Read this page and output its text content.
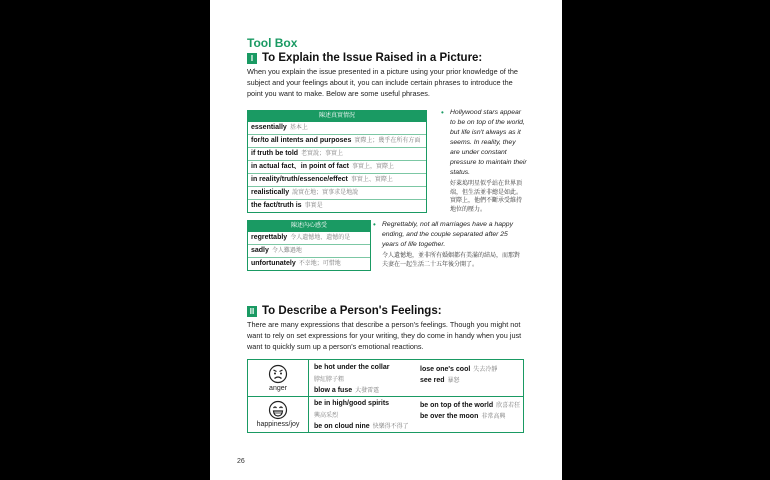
Tool Box
I To Explain the Issue Raised in a Picture:
When you explain the issue presented in a picture using your prior knowledge of the subject and your feelings about it, you can include certain phrases to introduce the point you want to make. Below are some useful phrases.
陳述真實情況
essentially 基本上
for/to all intents and purposes 實際上；幾乎在所有方面
if truth be told 老實說；事實上
in actual fact、in point of fact 事實上，實際上
in reality/truth/essence/effect 事實上、實際上
realistically 說實在地；實事求是地說
the fact/truth is 事實是
• Hollywood stars appear to be on top of the world, but life isn't always as it seems. In reality, they are under constant pressure to maintain their status.
好萊塢明星似乎站在世界頂端，但生活並非總是如此。實際上，他們不斷承受維持地位的壓力。
陳述內心感受
regrettably 令人遺憾地、遺憾的是
sadly 令人難過地
unfortunately 不幸地；可惜地
• Regrettably, not all marriages have a happy ending, and the couple separated after 25 years of life together.
令人遺憾地，並非所有婚姻都有美滿的結局，而那對夫妻在一起生活二十五年後分開了。
II To Describe a Person's Feelings:
There are many expressions that describe a person's feelings. Though you might not want to rely on set expressions for your writing, they do come in handy when you just want to quickly sum up a person's emotional reactions.
anger
be hot under the collar
脖紅脖子粗
blow a fuse 大發雷霆
lose one's cool 失去冷靜
see red 暴怒
happiness/joy
be in high/good spirits
興高采烈
be on cloud nine 快樂得不得了
be on top of the world 欣喜若狂
be over the moon 非常高興
26
